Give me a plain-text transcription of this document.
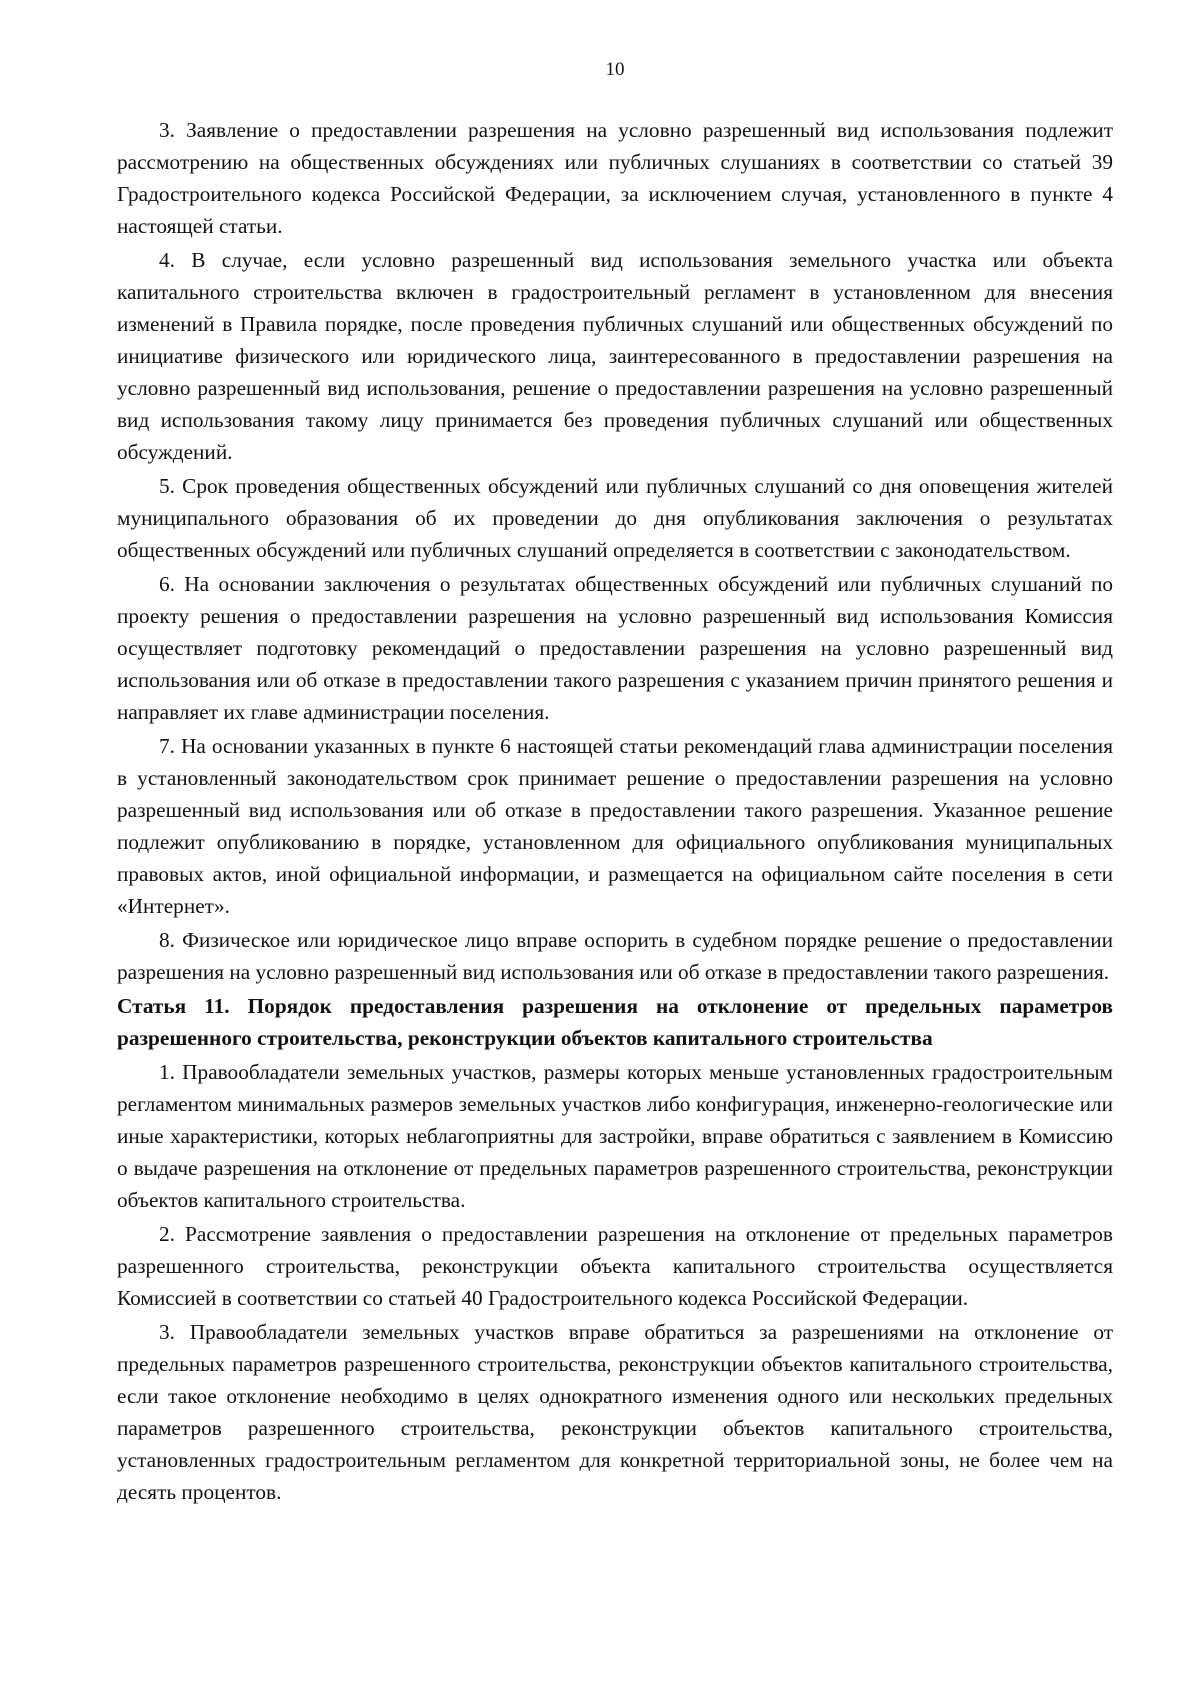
10

3. Заявление о предоставлении разрешения на условно разрешенный вид использования подлежит рассмотрению на общественных обсуждениях или публичных слушаниях в соответствии со статьей 39 Градостроительного кодекса Российской Федерации, за исключением случая, установленного в пункте 4 настоящей статьи.

4. В случае, если условно разрешенный вид использования земельного участка или объекта капитального строительства включен в градостроительный регламент в установленном для внесения изменений в Правила порядке, после проведения публичных слушаний или общественных обсуждений по инициативе физического или юридического лица, заинтересованного в предоставлении разрешения на условно разрешенный вид использования, решение о предоставлении разрешения на условно разрешенный вид использования такому лицу принимается без проведения публичных слушаний или общественных обсуждений.

5. Срок проведения общественных обсуждений или публичных слушаний со дня оповещения жителей муниципального образования об их проведении до дня опубликования заключения о результатах общественных обсуждений или публичных слушаний определяется в соответствии с законодательством.

6. На основании заключения о результатах общественных обсуждений или публичных слушаний по проекту решения о предоставлении разрешения на условно разрешенный вид использования Комиссия осуществляет подготовку рекомендаций о предоставлении разрешения на условно разрешенный вид использования или об отказе в предоставлении такого разрешения с указанием причин принятого решения и направляет их главе администрации поселения.

7. На основании указанных в пункте 6 настоящей статьи рекомендаций глава администрации поселения в установленный законодательством срок принимает решение о предоставлении разрешения на условно разрешенный вид использования или об отказе в предоставлении такого разрешения. Указанное решение подлежит опубликованию в порядке, установленном для официального опубликования муниципальных правовых актов, иной официальной информации, и размещается на официальном сайте поселения в сети «Интернет».

8. Физическое или юридическое лицо вправе оспорить в судебном порядке решение о предоставлении разрешения на условно разрешенный вид использования или об отказе в предоставлении такого разрешения.

Статья 11. Порядок предоставления разрешения на отклонение от предельных параметров разрешенного строительства, реконструкции объектов капитального строительства

1. Правообладатели земельных участков, размеры которых меньше установленных градостроительным регламентом минимальных размеров земельных участков либо конфигурация, инженерно-геологические или иные характеристики, которых неблагоприятны для застройки, вправе обратиться с заявлением в Комиссию о выдаче разрешения на отклонение от предельных параметров разрешенного строительства, реконструкции объектов капитального строительства.

2. Рассмотрение заявления о предоставлении разрешения на отклонение от предельных параметров разрешенного строительства, реконструкции объекта капитального строительства осуществляется Комиссией в соответствии со статьей 40 Градостроительного кодекса Российской Федерации.

3. Правообладатели земельных участков вправе обратиться за разрешениями на отклонение от предельных параметров разрешенного строительства, реконструкции объектов капитального строительства, если такое отклонение необходимо в целях однократного изменения одного или нескольких предельных параметров разрешенного строительства, реконструкции объектов капитального строительства, установленных градостроительным регламентом для конкретной территориальной зоны, не более чем на десять процентов.
